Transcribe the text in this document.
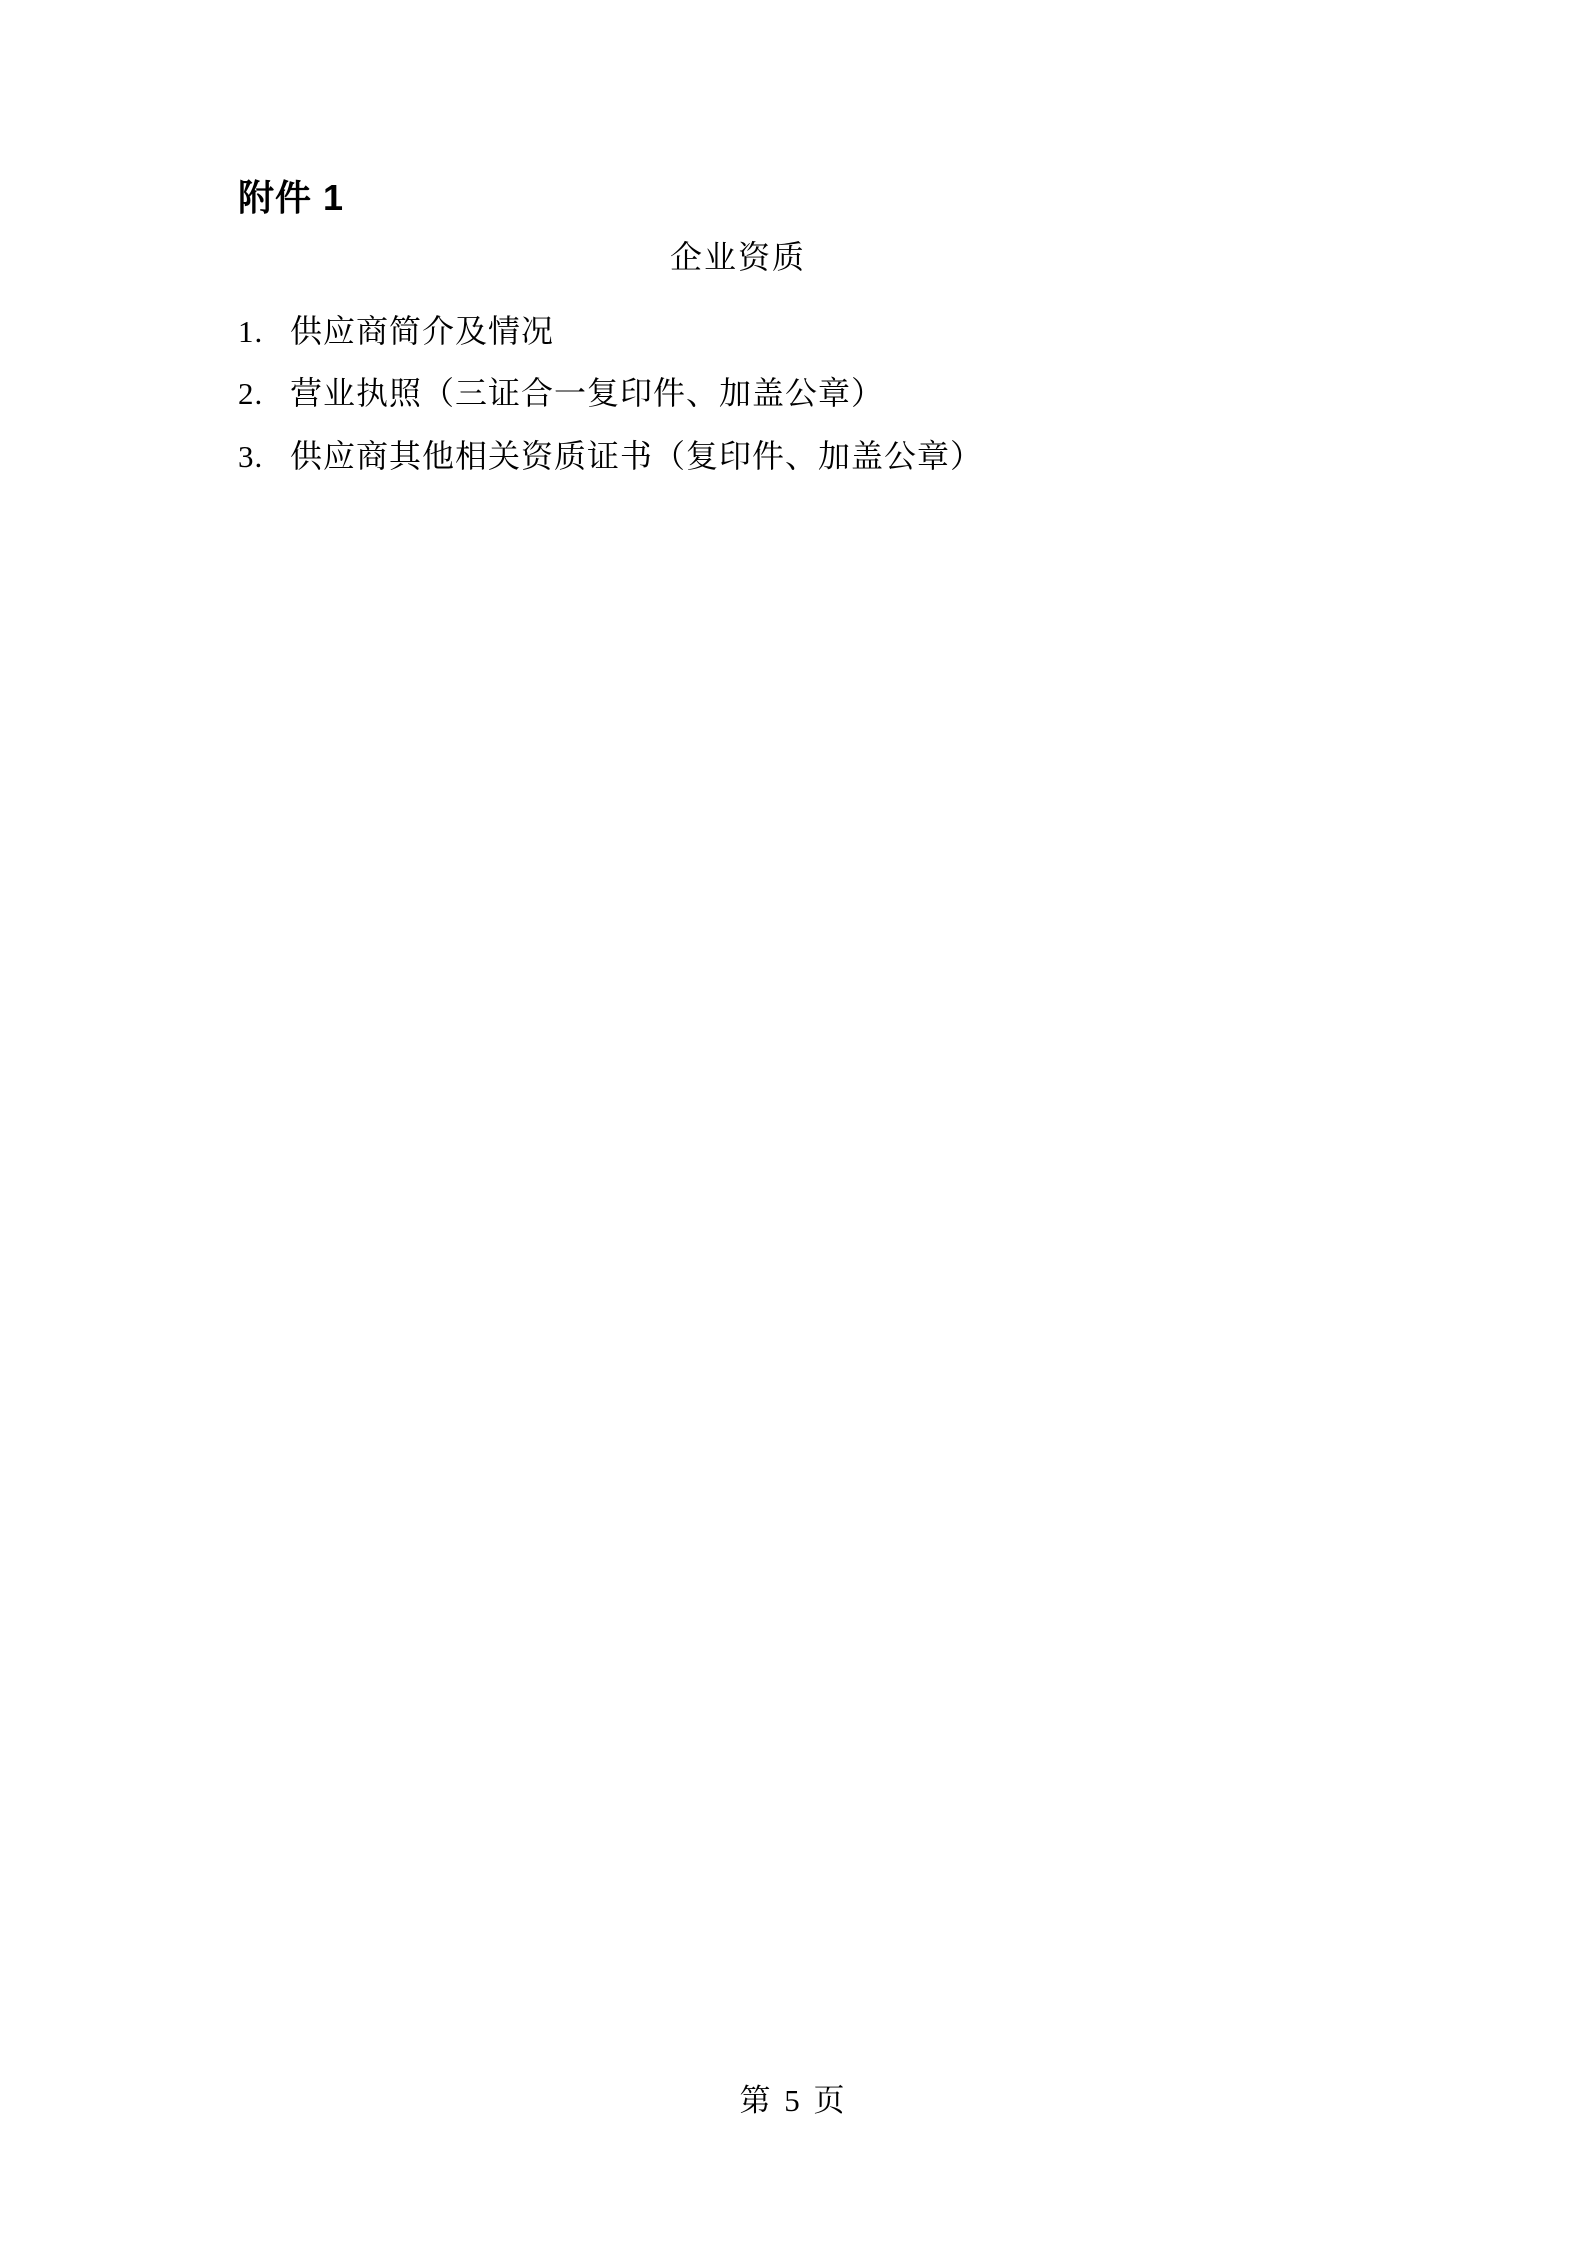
附件 1
企业资质
1. 供应商简介及情况
2. 营业执照（三证合一复印件、加盖公章）
3. 供应商其他相关资质证书（复印件、加盖公章）
第 5 页
